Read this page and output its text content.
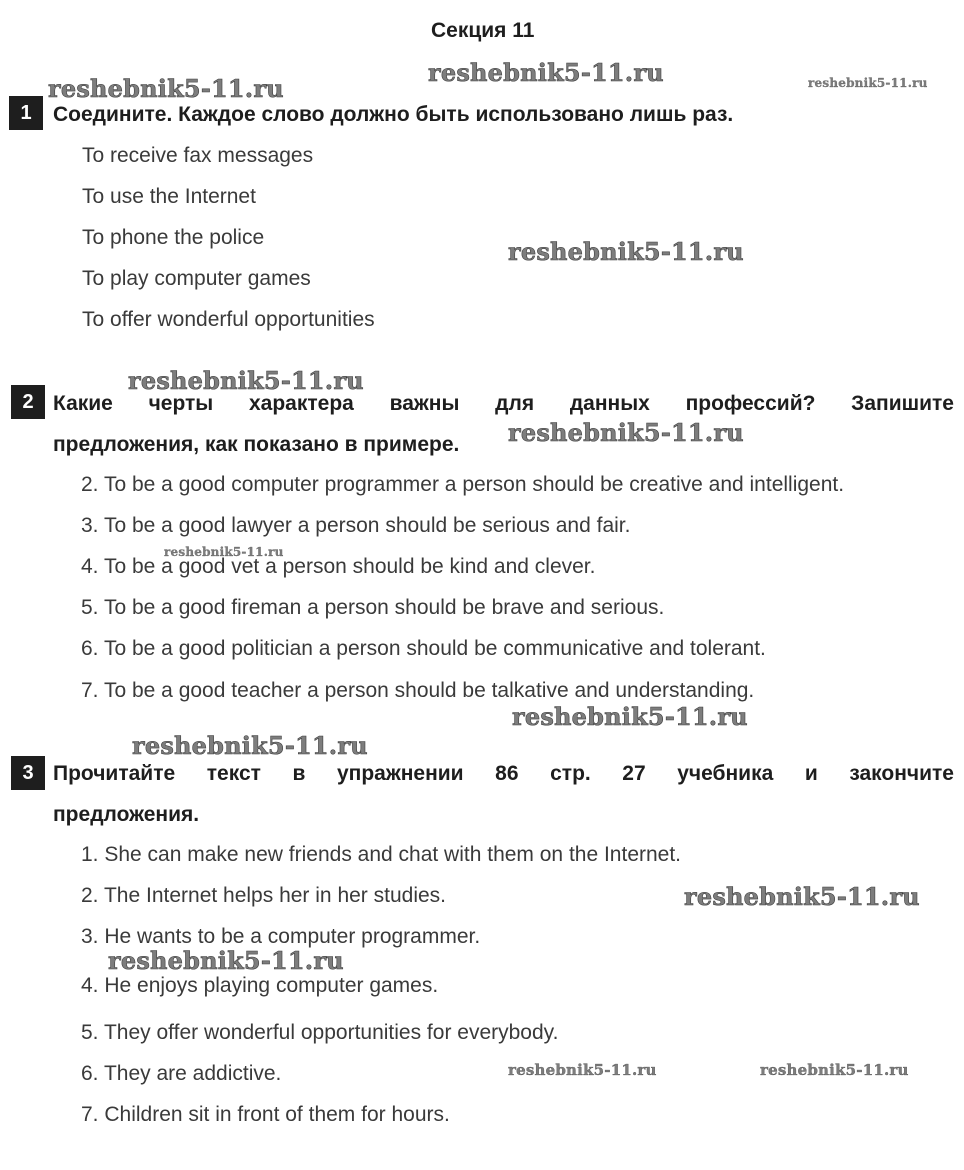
Секция 11
1	Соедините. Каждое слово должно быть использовано лишь раз.
To receive fax messages
To use the Internet
To phone the police
To play computer games
To offer wonderful opportunities
2 Какие черты характера важны для данных профессий? Запишите
предложения, как показано в примере.
2. To be a good computer programmer a person should be creative and intelligent.
3. To be a good lawyer a person should be serious and fair.
4. To be a good vet a person should be kind and clever.
5. To be a good fireman a person should be brave and serious.
6. To be a good politician a person should be communicative and tolerant.
7. To be a good teacher a person should be talkative and understanding.
3 Прочитайте текст в упражнении 86 стр. 27 учебника и закончите
предложения.
1. She can make new friends and chat with them on the Internet.
2. The Internet helps her in her studies.
3. He wants to be a computer programmer.
4. He enjoys playing computer games.
5. They offer wonderful opportunities for everybody.
6. They are addictive.
7. Children sit in front of them for hours.
reshebnik5-11.ru
reshebnik5-11.ru	reshebnik5-11.ru
reshebnik5-11.ru
reshebnik5-11.ru
reshebnik5-11.ru
reshebnik5-11.ru
reshebnik5-11.ru
reshebnik5-11.ru
reshebnik5-11.ru
reshebnik5-11.ru
reshebnik5-11.ru	reshebnik5-11.ru
